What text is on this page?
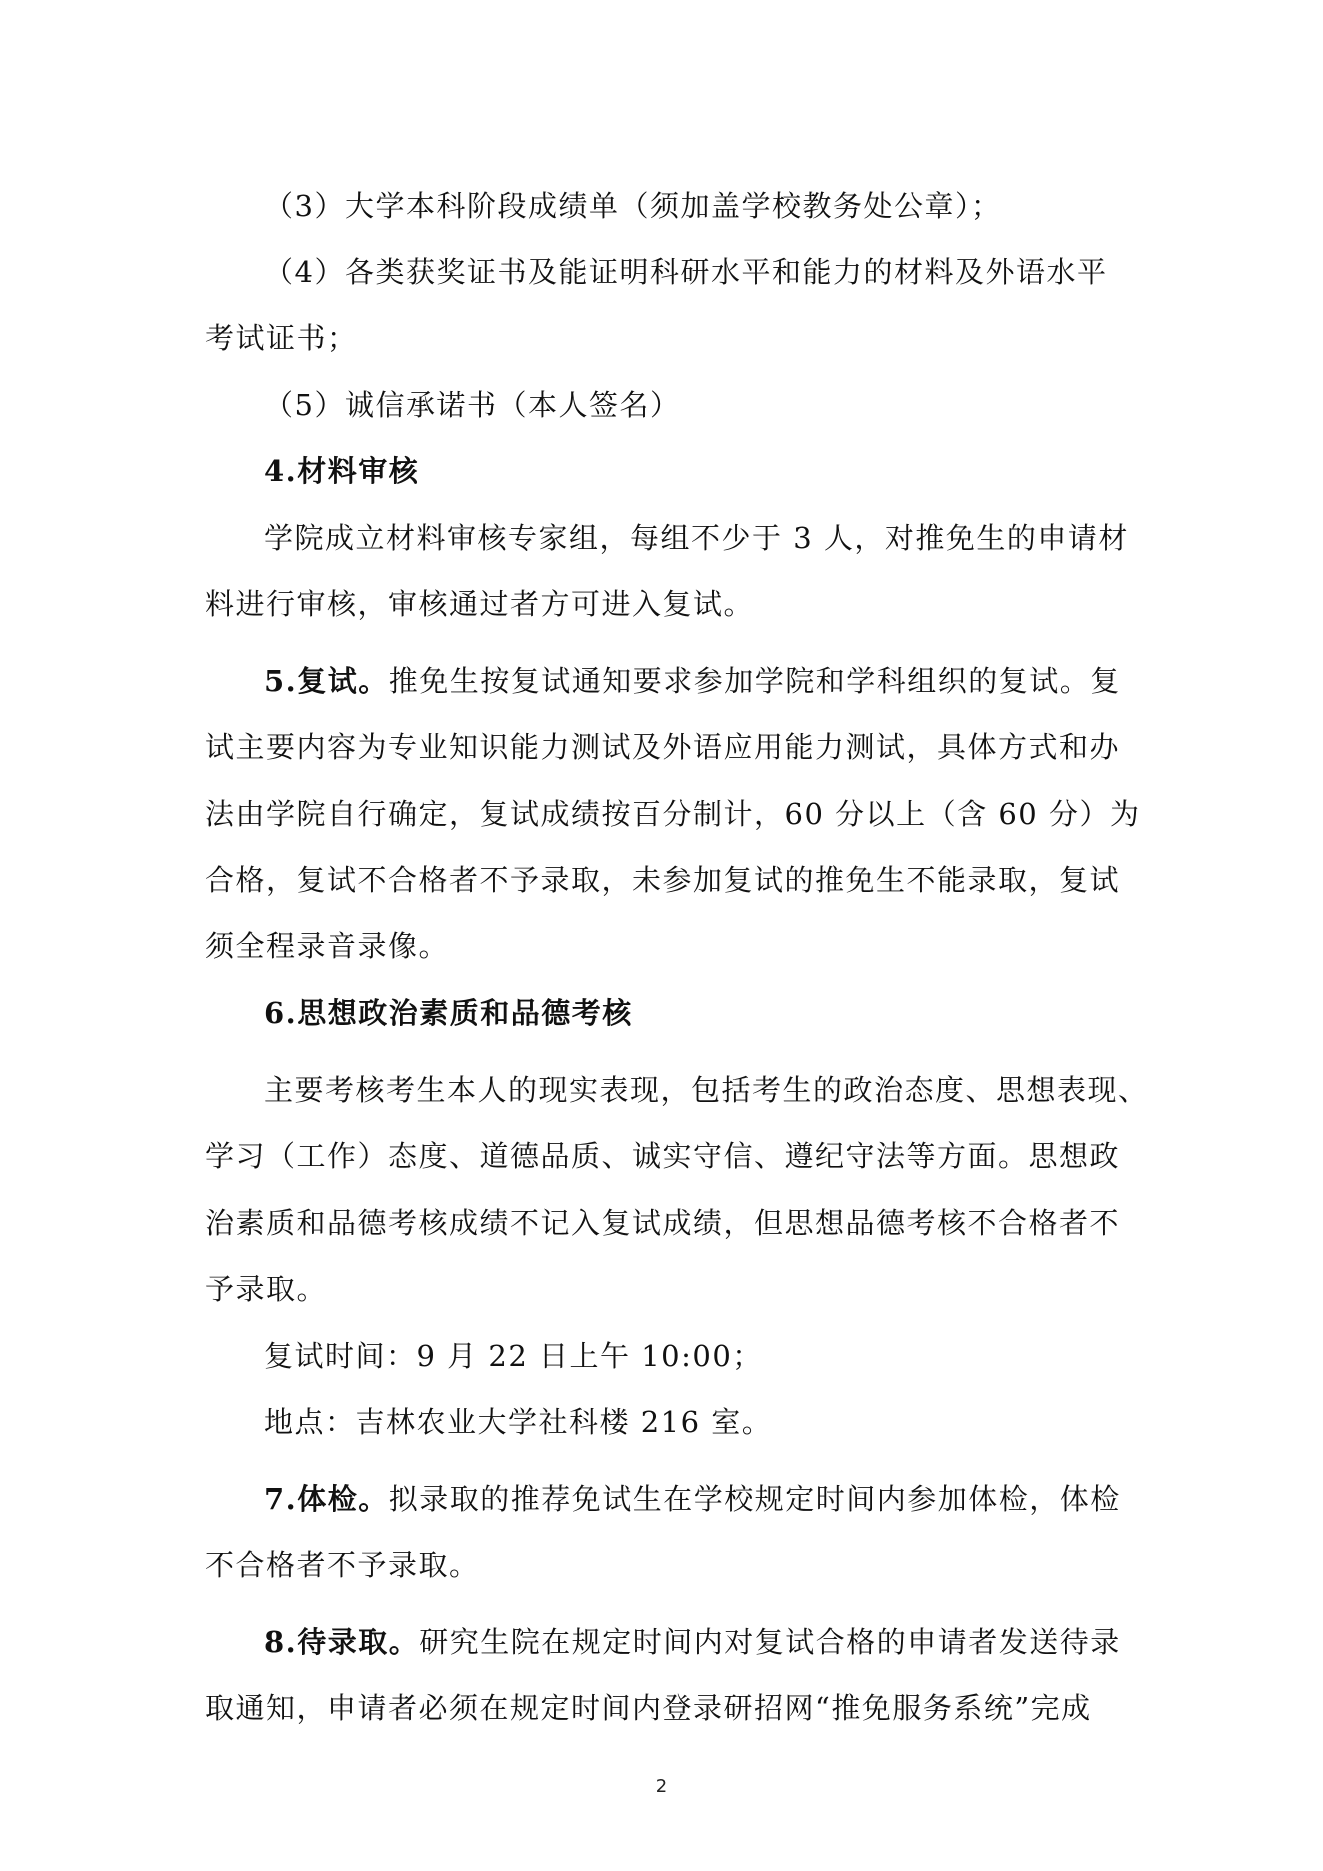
（3）大学本科阶段成绩单（须加盖学校教务处公章）；
（4）各类获奖证书及能证明科研水平和能力的材料及外语水平
考试证书；
（5）诚信承诺书（本人签名）
4.材料审核
学院成立材料审核专家组，每组不少于 3 人，对推免生的申请材
料进行审核，审核通过者方可进入复试。
5.复试。推免生按复试通知要求参加学院和学科组织的复试。复
试主要内容为专业知识能力测试及外语应用能力测试，具体方式和办
法由学院自行确定，复试成绩按百分制计，60 分以上（含 60 分）为
合格，复试不合格者不予录取，未参加复试的推免生不能录取，复试
须全程录音录像。
6.思想政治素质和品德考核
主要考核考生本人的现实表现，包括考生的政治态度、思想表现、
学习（工作）态度、道德品质、诚实守信、遵纪守法等方面。思想政
治素质和品德考核成绩不记入复试成绩，但思想品德考核不合格者不
予录取。
复试时间：9 月 22 日上午 10:00；
地点：吉林农业大学社科楼 216 室。
7.体检。拟录取的推荐免试生在学校规定时间内参加体检，体检
不合格者不予录取。
8.待录取。研究生院在规定时间内对复试合格的申请者发送待录
取通知，申请者必须在规定时间内登录研招网“推免服务系统”完成
2
